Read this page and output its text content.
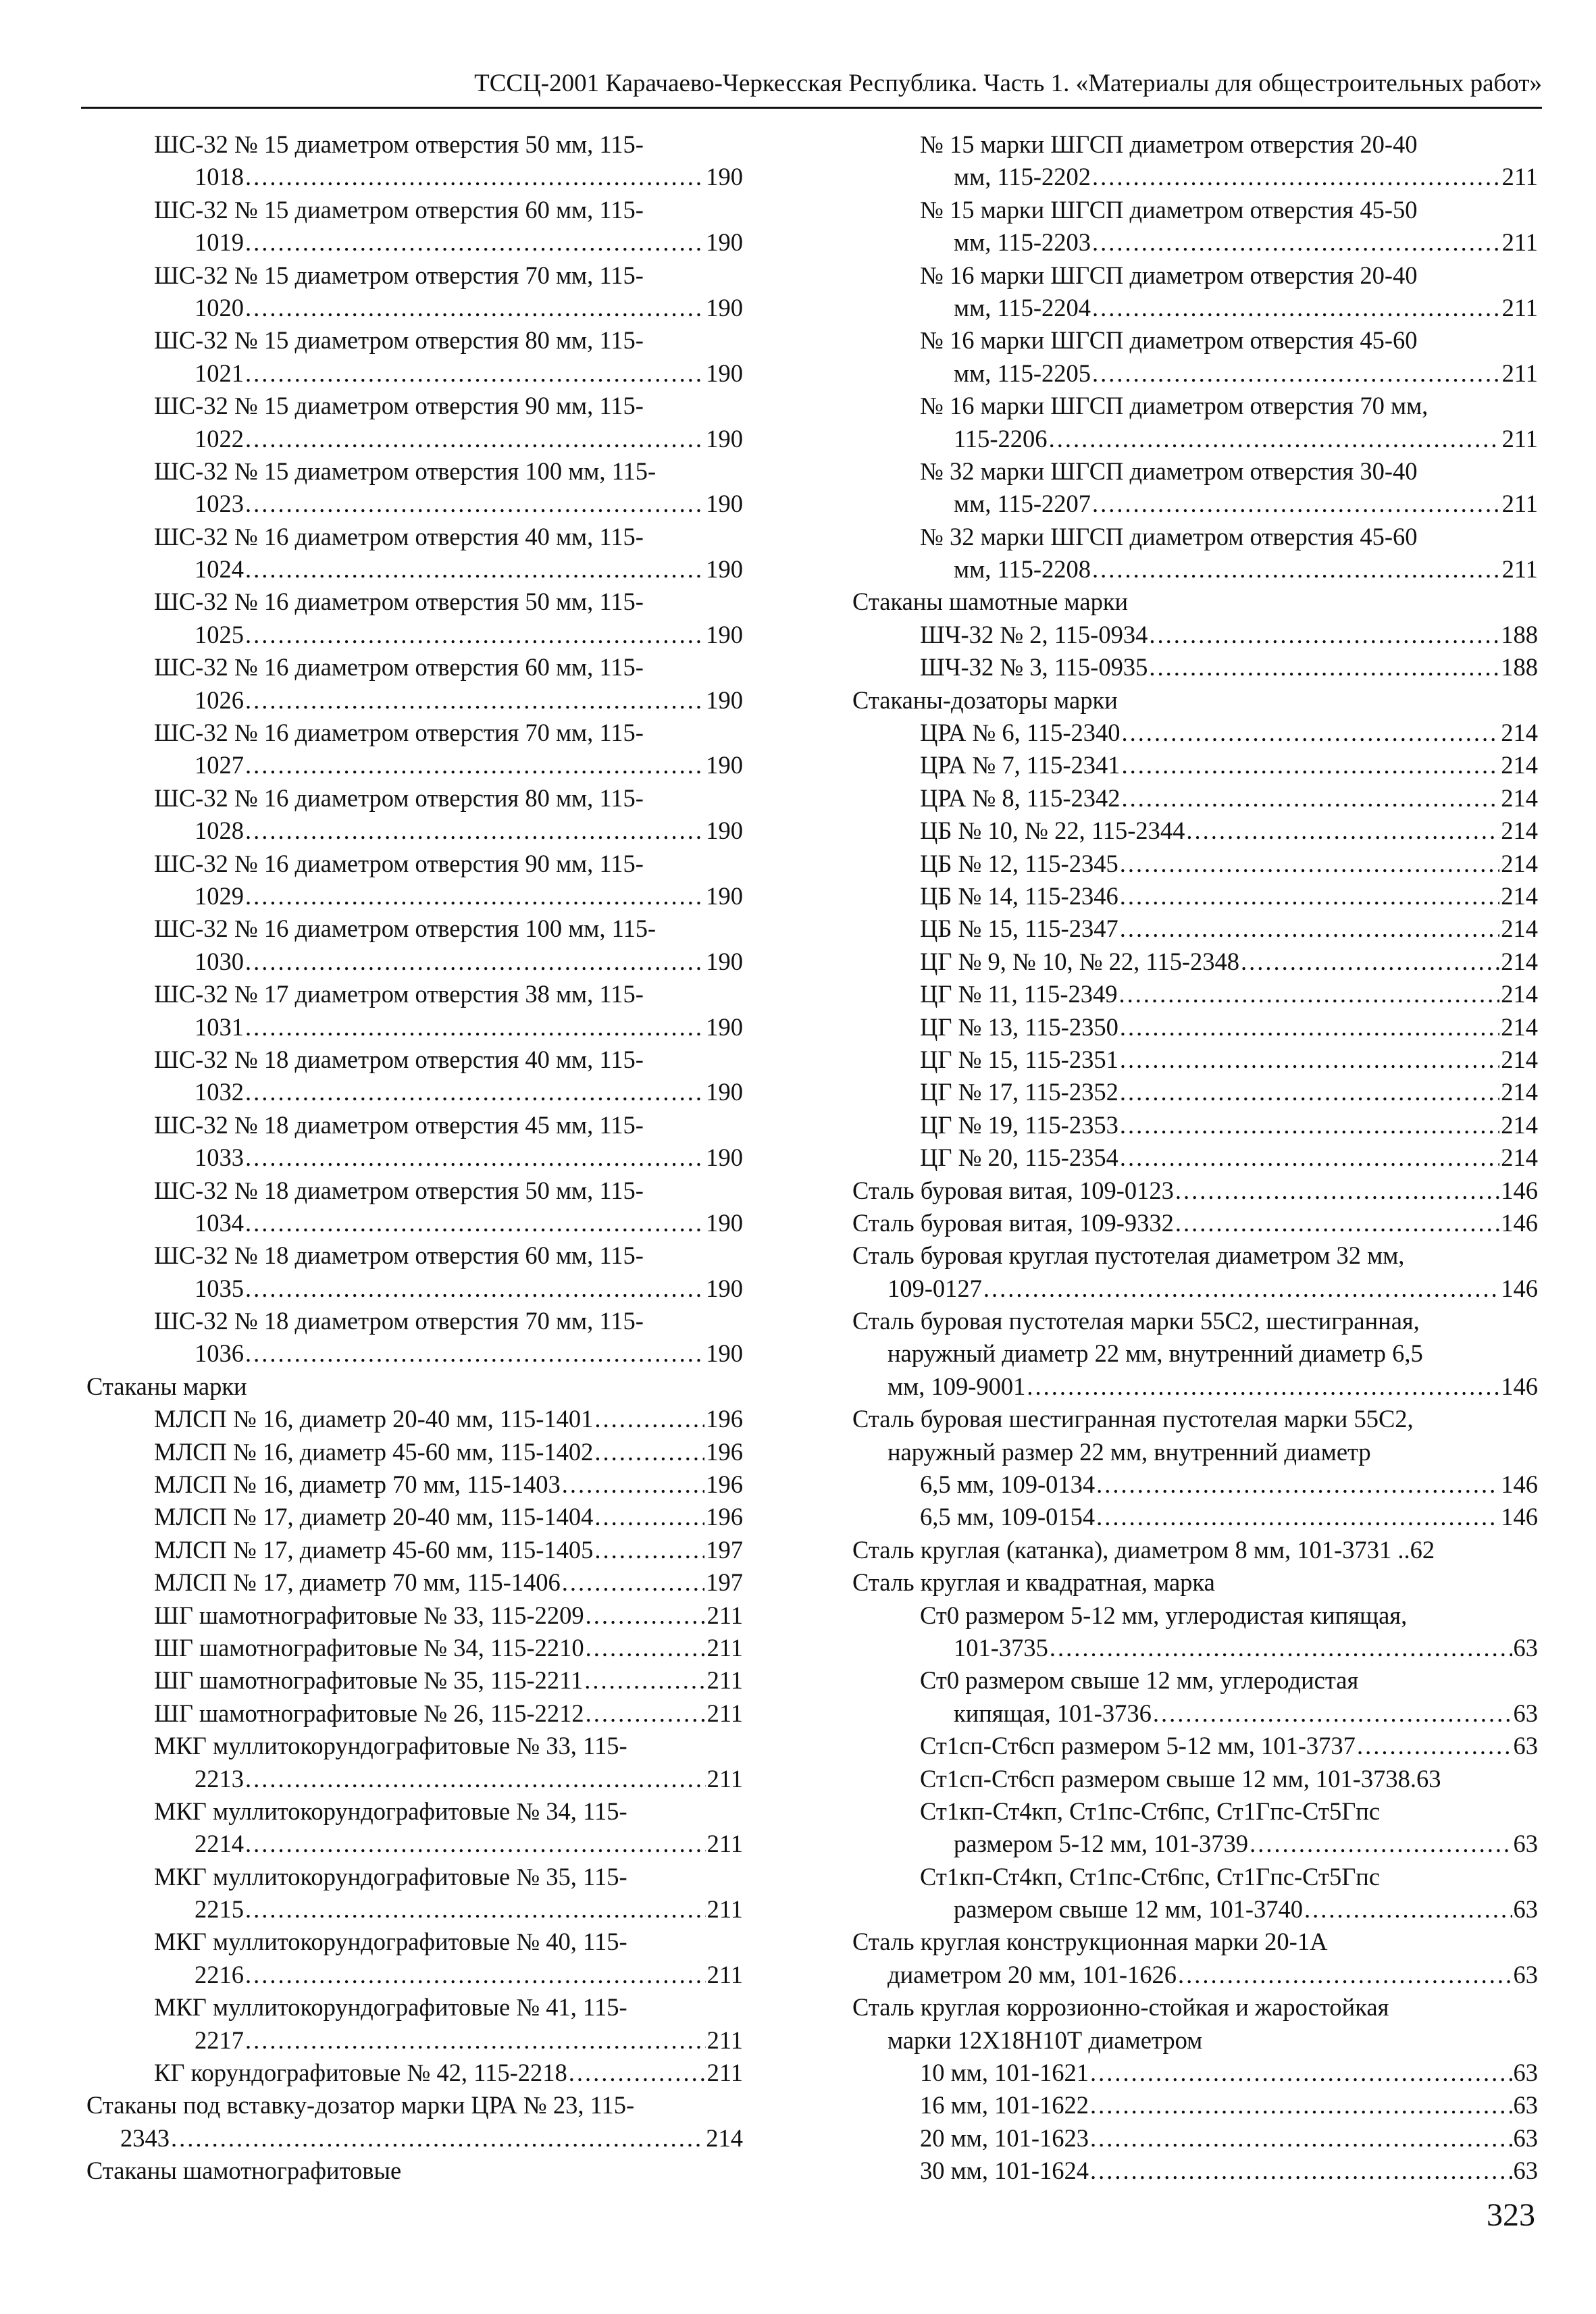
ТССЦ-2001 Карачаево-Черкесская Республика. Часть 1. «Материалы для общестроительных работ»
ШС-32 № 15 диаметром отверстия 50 мм, 115-
1018 .....	190
ШС-32 № 15 диаметром отверстия 60 мм, 115-
1019 .....	190
ШС-32 № 15 диаметром отверстия 70 мм, 115-
1020 .....	190
ШС-32 № 15 диаметром отверстия 80 мм, 115-
1021 .....	190
ШС-32 № 15 диаметром отверстия 90 мм, 115-
1022 .....	190
ШС-32 № 15 диаметром отверстия 100 мм, 115-
1023 .....	190
ШС-32 № 16 диаметром отверстия 40 мм, 115-
1024 .....	190
ШС-32 № 16 диаметром отверстия 50 мм, 115-
1025 .....	190
ШС-32 № 16 диаметром отверстия 60 мм, 115-
1026 .....	190
ШС-32 № 16 диаметром отверстия 70 мм, 115-
1027 .....	190
ШС-32 № 16 диаметром отверстия 80 мм, 115-
1028 .....	190
ШС-32 № 16 диаметром отверстия 90 мм, 115-
1029 .....	190
ШС-32 № 16 диаметром отверстия 100 мм, 115-
1030 .....	190
ШС-32 № 17 диаметром отверстия 38 мм, 115-
1031 .....	190
ШС-32 № 18 диаметром отверстия 40 мм, 115-
1032 .....	190
ШС-32 № 18 диаметром отверстия 45 мм, 115-
1033 .....	190
ШС-32 № 18 диаметром отверстия 50 мм, 115-
1034 .....	190
ШС-32 № 18 диаметром отверстия 60 мм, 115-
1035 .....	190
ШС-32 № 18 диаметром отверстия 70 мм, 115-
1036 .....	190
Стаканы марки
МЛСП № 16, диаметр 20-40 мм, 115-1401 .....	196
МЛСП № 16, диаметр 45-60 мм, 115-1402 .....	196
МЛСП № 16, диаметр 70 мм, 115-1403 .....	196
МЛСП № 17, диаметр 20-40 мм, 115-1404 .....	196
МЛСП № 17, диаметр 45-60 мм, 115-1405 .....	197
МЛСП № 17, диаметр 70 мм, 115-1406 .....	197
ШГ шамотнографитовые № 33, 115-2209 .....	211
ШГ шамотнографитовые № 34, 115-2210 .....	211
ШГ шамотнографитовые № 35, 115-2211 .....	211
ШГ шамотнографитовые № 26, 115-2212 .....	211
МКГ муллитокорундографитовые № 33, 115-
2213 .....	211
МКГ муллитокорундографитовые № 34, 115-
2214 .....	211
МКГ муллитокорундографитовые № 35, 115-
2215 .....	211
МКГ муллитокорундографитовые № 40, 115-
2216 .....	211
МКГ муллитокорундографитовые № 41, 115-
2217 .....	211
КГ корундографитовые № 42, 115-2218 .....	211
Стаканы под вставку-дозатор марки ЦРА № 23, 115-
2343 .....	214
Стаканы шамотнографитовые
№ 15 марки ШГСП диаметром отверстия 20-40
мм, 115-2202 .....	211
№ 15 марки ШГСП диаметром отверстия 45-50
мм, 115-2203 .....	211
№ 16 марки ШГСП диаметром отверстия 20-40
мм, 115-2204 .....	211
№ 16 марки ШГСП диаметром отверстия 45-60
мм, 115-2205 .....	211
№ 16 марки ШГСП диаметром отверстия 70 мм,
115-2206 .....	211
№ 32 марки ШГСП диаметром отверстия 30-40
мм, 115-2207 .....	211
№ 32 марки ШГСП диаметром отверстия 45-60
мм, 115-2208 .....	211
Стаканы шамотные марки
ШЧ-32 № 2, 115-0934 .....	188
ШЧ-32 № 3, 115-0935 .....	188
Стаканы-дозаторы марки
ЦРА № 6, 115-2340 .....	214
ЦРА № 7, 115-2341 .....	214
ЦРА № 8, 115-2342 .....	214
ЦБ № 10, № 22, 115-2344 .....	214
ЦБ № 12, 115-2345 .....	214
ЦБ № 14, 115-2346 .....	214
ЦБ № 15, 115-2347 .....	214
ЦГ № 9, № 10, № 22, 115-2348 .....	214
ЦГ № 11, 115-2349 .....	214
ЦГ № 13, 115-2350 .....	214
ЦГ № 15, 115-2351 .....	214
ЦГ № 17, 115-2352 .....	214
ЦГ № 19, 115-2353 .....	214
ЦГ № 20, 115-2354 .....	214
Сталь буровая витая, 109-0123 .....	146
Сталь буровая витая, 109-9332 .....	146
Сталь буровая круглая пустотелая диаметром 32 мм,
109-0127 .....	146
Сталь буровая пустотелая марки 55С2, шестигранная,
наружный диаметр 22 мм, внутренний диаметр 6,5
мм, 109-9001 .....	146
Сталь буровая шестигранная пустотелая марки 55С2,
наружный размер 22 мм, внутренний диаметр
6,5 мм, 109-0134 .....	146
6,5 мм, 109-0154 .....	146
Сталь круглая (катанка), диаметром 8 мм, 101-3731 .. 62
Сталь круглая и квадратная, марка
Ст0 размером 5-12 мм, углеродистая кипящая,
101-3735 .....	63
Ст0 размером свыше 12 мм, углеродистая
кипящая, 101-3736 .....	63
Ст1сп-Ст6сп размером 5-12 мм, 101-3737 .....	63
Ст1сп-Ст6сп размером свыше 12 мм, 101-3738. 63
Ст1кп-Ст4кп, Ст1пс-Ст6пс, Ст1Гпс-Ст5Гпс
размером 5-12 мм, 101-3739 .....	63
Ст1кп-Ст4кп, Ст1пс-Ст6пс, Ст1Гпс-Ст5Гпс
размером свыше 12 мм, 101-3740 .....	63
Сталь круглая конструкционная марки 20-1А
диаметром 20 мм, 101-1626 .....	63
Сталь круглая коррозионно-стойкая и жаростойкая
марки 12Х18Н10Т диаметром
10 мм, 101-1621 .....	63
16 мм, 101-1622 .....	63
20 мм, 101-1623 .....	63
30 мм, 101-1624 .....	63
323
